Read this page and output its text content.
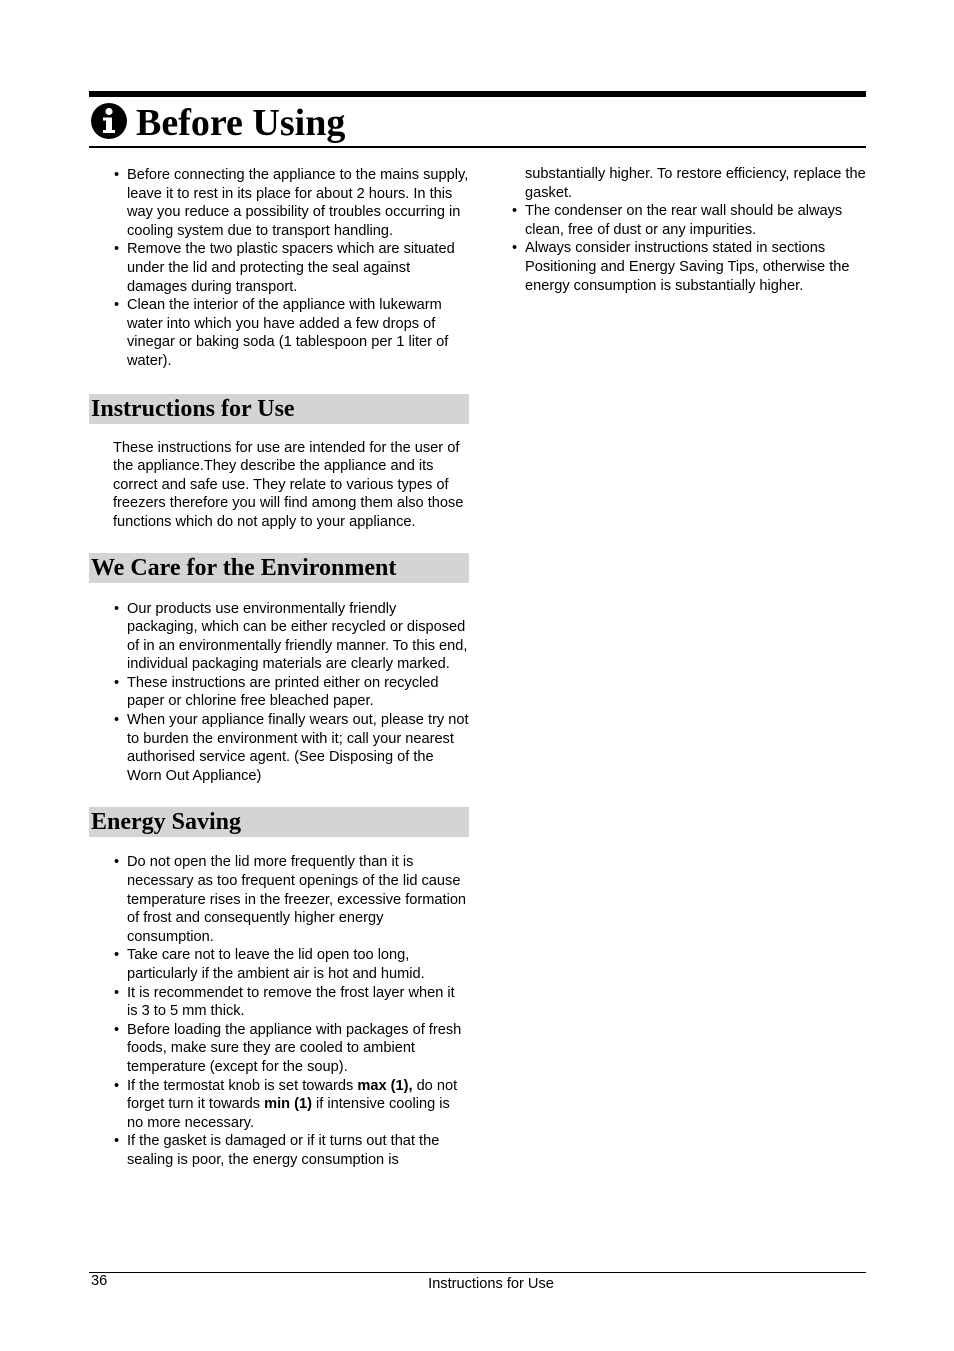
Before Using
• Before connecting the appliance to the mains supply, leave it to rest in its place for about 2 hours. In this way you reduce a possibility of troubles occurring in cooling system due to transport handling.
• Remove the two plastic spacers which are situated under the lid and protecting the seal against damages during transport.
• Clean the interior of the appliance with lukewarm water into which you have added a few drops of vinegar or baking soda (1 tablespoon per 1 liter of water).
Instructions for Use

These instructions for use are intended for the user of the appliance.They describe the appliance and its correct and safe use. They relate to various types of freezers therefore you will find among them also those functions which do not apply to your appliance.

We Care for the Environment
• Our products use environmentally friendly packaging, which can be either recycled or disposed of in an environmentally friendly manner. To this end, individual packaging materials are clearly marked.
• These instructions are printed either on recycled paper or chlorine free bleached paper.
• When your appliance finally wears out, please try not to burden the environment with it; call your nearest authorised service agent. (See Disposing of the Worn Out Appliance)
Energy Saving
• Do not open the lid more frequently than it is necessary as too frequent openings of the lid cause temperature rises in the freezer, excessive formation of frost and consequently higher energy consumption.
• Take care not to leave the lid open too long, particularly if the ambient air is hot and humid.
• It is recommendet to remove the frost layer when it is 3 to 5 mm thick.
• Before loading the appliance with packages of fresh foods, make sure they are cooled to ambient temperature (except for the soup).
• If the termostat knob is set towards max (1), do not forget turn it towards min (1) if intensive cooling is no more necessary.
• If the gasket is damaged or if it turns out that the sealing is poor, the energy consumption is

substantially higher. To restore efficiency, replace the gasket.

• The condenser on the rear wall should be always clean, free of dust or any impurities.
• Always consider instructions stated in sections Positioning and Energy Saving Tips, otherwise the energy consumption is substantially higher.
36	Instructions for Use
